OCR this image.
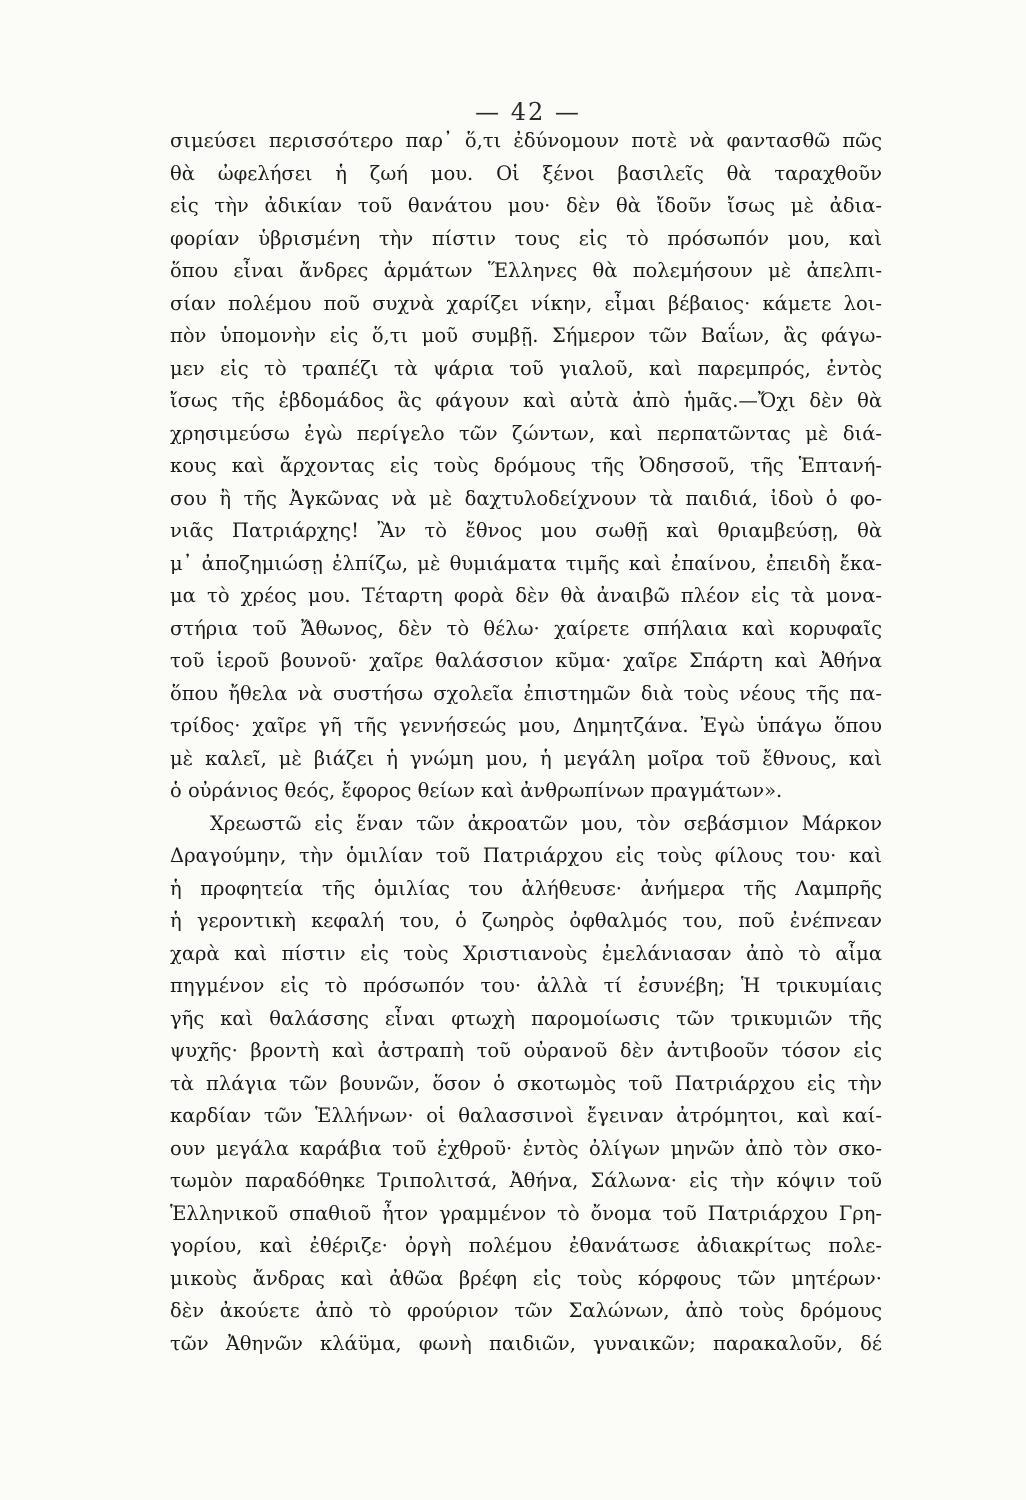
— 42 —
σιμεύσει περισσότερο παρ᾽ ὅ,τι ἐδύνομουν ποτὲ νὰ φαντασθῶ πῶς
θὰ ὠφελήσει ἡ ζωή μου. Οἱ ξένοι βασιλεῖς θὰ ταραχθοῦν
εἰς τὴν ἀδικίαν τοῦ θανάτου μου· δὲν θὰ ἴδοῦν ἴσως μὲ ἀδια-
φορίαν ὑβρισμένη τὴν πίστιν τους εἰς τὸ πρόσωπόν μου, καὶ
ὅπου εἶναι ἄνδρες ἁρμάτων Ἕλληνες θὰ πολεμήσουν μὲ ἀπελπι-
σίαν πολέμου ποῦ συχνὰ χαρίζει νίκην, εἶμαι βέβαιος· κάμετε λοι-
πὸν ὑπομονὴν εἰς ὅ,τι μοῦ συμβῇ. Σήμερον τῶν Βαΐων, ἂς φάγω-
μεν εἰς τὸ τραπέζι τὰ ψάρια τοῦ γιαλοῦ, καὶ παρεμπρός, ἐντὸς
ἴσως τῆς ἑβδομάδος ἂς φάγουν καὶ αὐτὰ ἀπὸ ἡμᾶς.—Ὄχι δὲν θὰ
χρησιμεύσω ἐγὼ περίγελο τῶν ζώντων, καὶ περπατῶντας μὲ διά-
κους καὶ ἄρχοντας εἰς τοὺς δρόμους τῆς Ὀδησσοῦ, τῆς Ἑπτανή-
σου ἢ τῆς Ἀγκῶνας νὰ μὲ δαχτυλοδείχνουν τὰ παιδιά, ἰδοὺ ὁ φο-
νιᾶς Πατριάρχης! Ἂν τὸ ἔθνος μου σωθῇ καὶ θριαμβεύσῃ, θὰ
μ᾽ ἀποζημιώσῃ ἐλπίζω, μὲ θυμιάματα τιμῆς καὶ ἐπαίνου, ἐπειδὴ ἔκα-
μα τὸ χρέος μου. Τέταρτη φορὰ δὲν θὰ ἀναιβῶ πλέον εἰς τὰ μονα-
στήρια τοῦ Ἄθωνος, δὲν τὸ θέλω· χαίρετε σπήλαια καὶ κορυφαῖς
τοῦ ἱεροῦ βουνοῦ· χαῖρε θαλάσσιον κῦμα· χαῖρε Σπάρτη καὶ Ἀθήνα
ὅπου ἤθελα νὰ συστήσω σχολεῖα ἐπιστημῶν διὰ τοὺς νέους τῆς πα-
τρίδος· χαῖρε γῆ τῆς γεννήσεώς μου, Δημητζάνα. Ἐγὼ ὑπάγω ὅπου
μὲ καλεῖ, μὲ βιάζει ἡ γνώμη μου, ἡ μεγάλη μοῖρα τοῦ ἔθνους, καὶ
ὁ οὐράνιος θεός, ἔφορος θείων καὶ ἀνθρωπίνων πραγμάτων».
Χρεωστῶ εἰς ἕναν τῶν ἀκροατῶν μου, τὸν σεβάσμιον Μάρκον
Δραγούμην, τὴν ὁμιλίαν τοῦ Πατριάρχου εἰς τοὺς φίλους του· καὶ
ἡ προφητεία τῆς ὁμιλίας του ἀλήθευσε· ἀνήμερα τῆς Λαμπρῆς
ἡ γεροντικὴ κεφαλή του, ὁ ζωηρὸς ὀφθαλμός του, ποῦ ἐνέπνεαν
χαρὰ καὶ πίστιν εἰς τοὺς Χριστιανοὺς ἐμελάνιασαν ἀπὸ τὸ αἷμα
πηγμένον εἰς τὸ πρόσωπόν του· ἀλλὰ τί ἐσυνέβη; Ἡ τρικυμίαις
γῆς καὶ θαλάσσης εἶναι φτωχὴ παρομοίωσις τῶν τρικυμιῶν τῆς
ψυχῆς· βροντὴ καὶ ἀστραπὴ τοῦ οὐρανοῦ δὲν ἀντιβοοῦν τόσον εἰς
τὰ πλάγια τῶν βουνῶν, ὅσον ὁ σκοτωμὸς τοῦ Πατριάρχου εἰς τὴν
καρδίαν τῶν Ἑλλήνων· οἱ θαλασσινοὶ ἔγειναν ἀτρόμητοι, καὶ καί-
ουν μεγάλα καράβια τοῦ ἐχθροῦ· ἐντὸς ὀλίγων μηνῶν ἀπὸ τὸν σκο-
τωμὸν παραδόθηκε Τριπολιτσά, Ἀθήνα, Σάλωνα· εἰς τὴν κόψιν τοῦ
Ἑλληνικοῦ σπαθιοῦ ἦτον γραμμένον τὸ ὄνομα τοῦ Πατριάρχου Γρη-
γορίου, καὶ ἐθέριζε· ὀργὴ πολέμου ἐθανάτωσε ἀδιακρίτως πολε-
μικοὺς ἄνδρας καὶ ἀθῶα βρέφη εἰς τοὺς κόρφους τῶν μητέρων·
δὲν ἀκούετε ἀπὸ τὸ φρούριον τῶν Σαλώνων, ἀπὸ τοὺς δρόμους
τῶν Ἀθηνῶν κλάϋμα, φωνὴ παιδιῶν, γυναικῶν; παρακαλοῦν, δέ
